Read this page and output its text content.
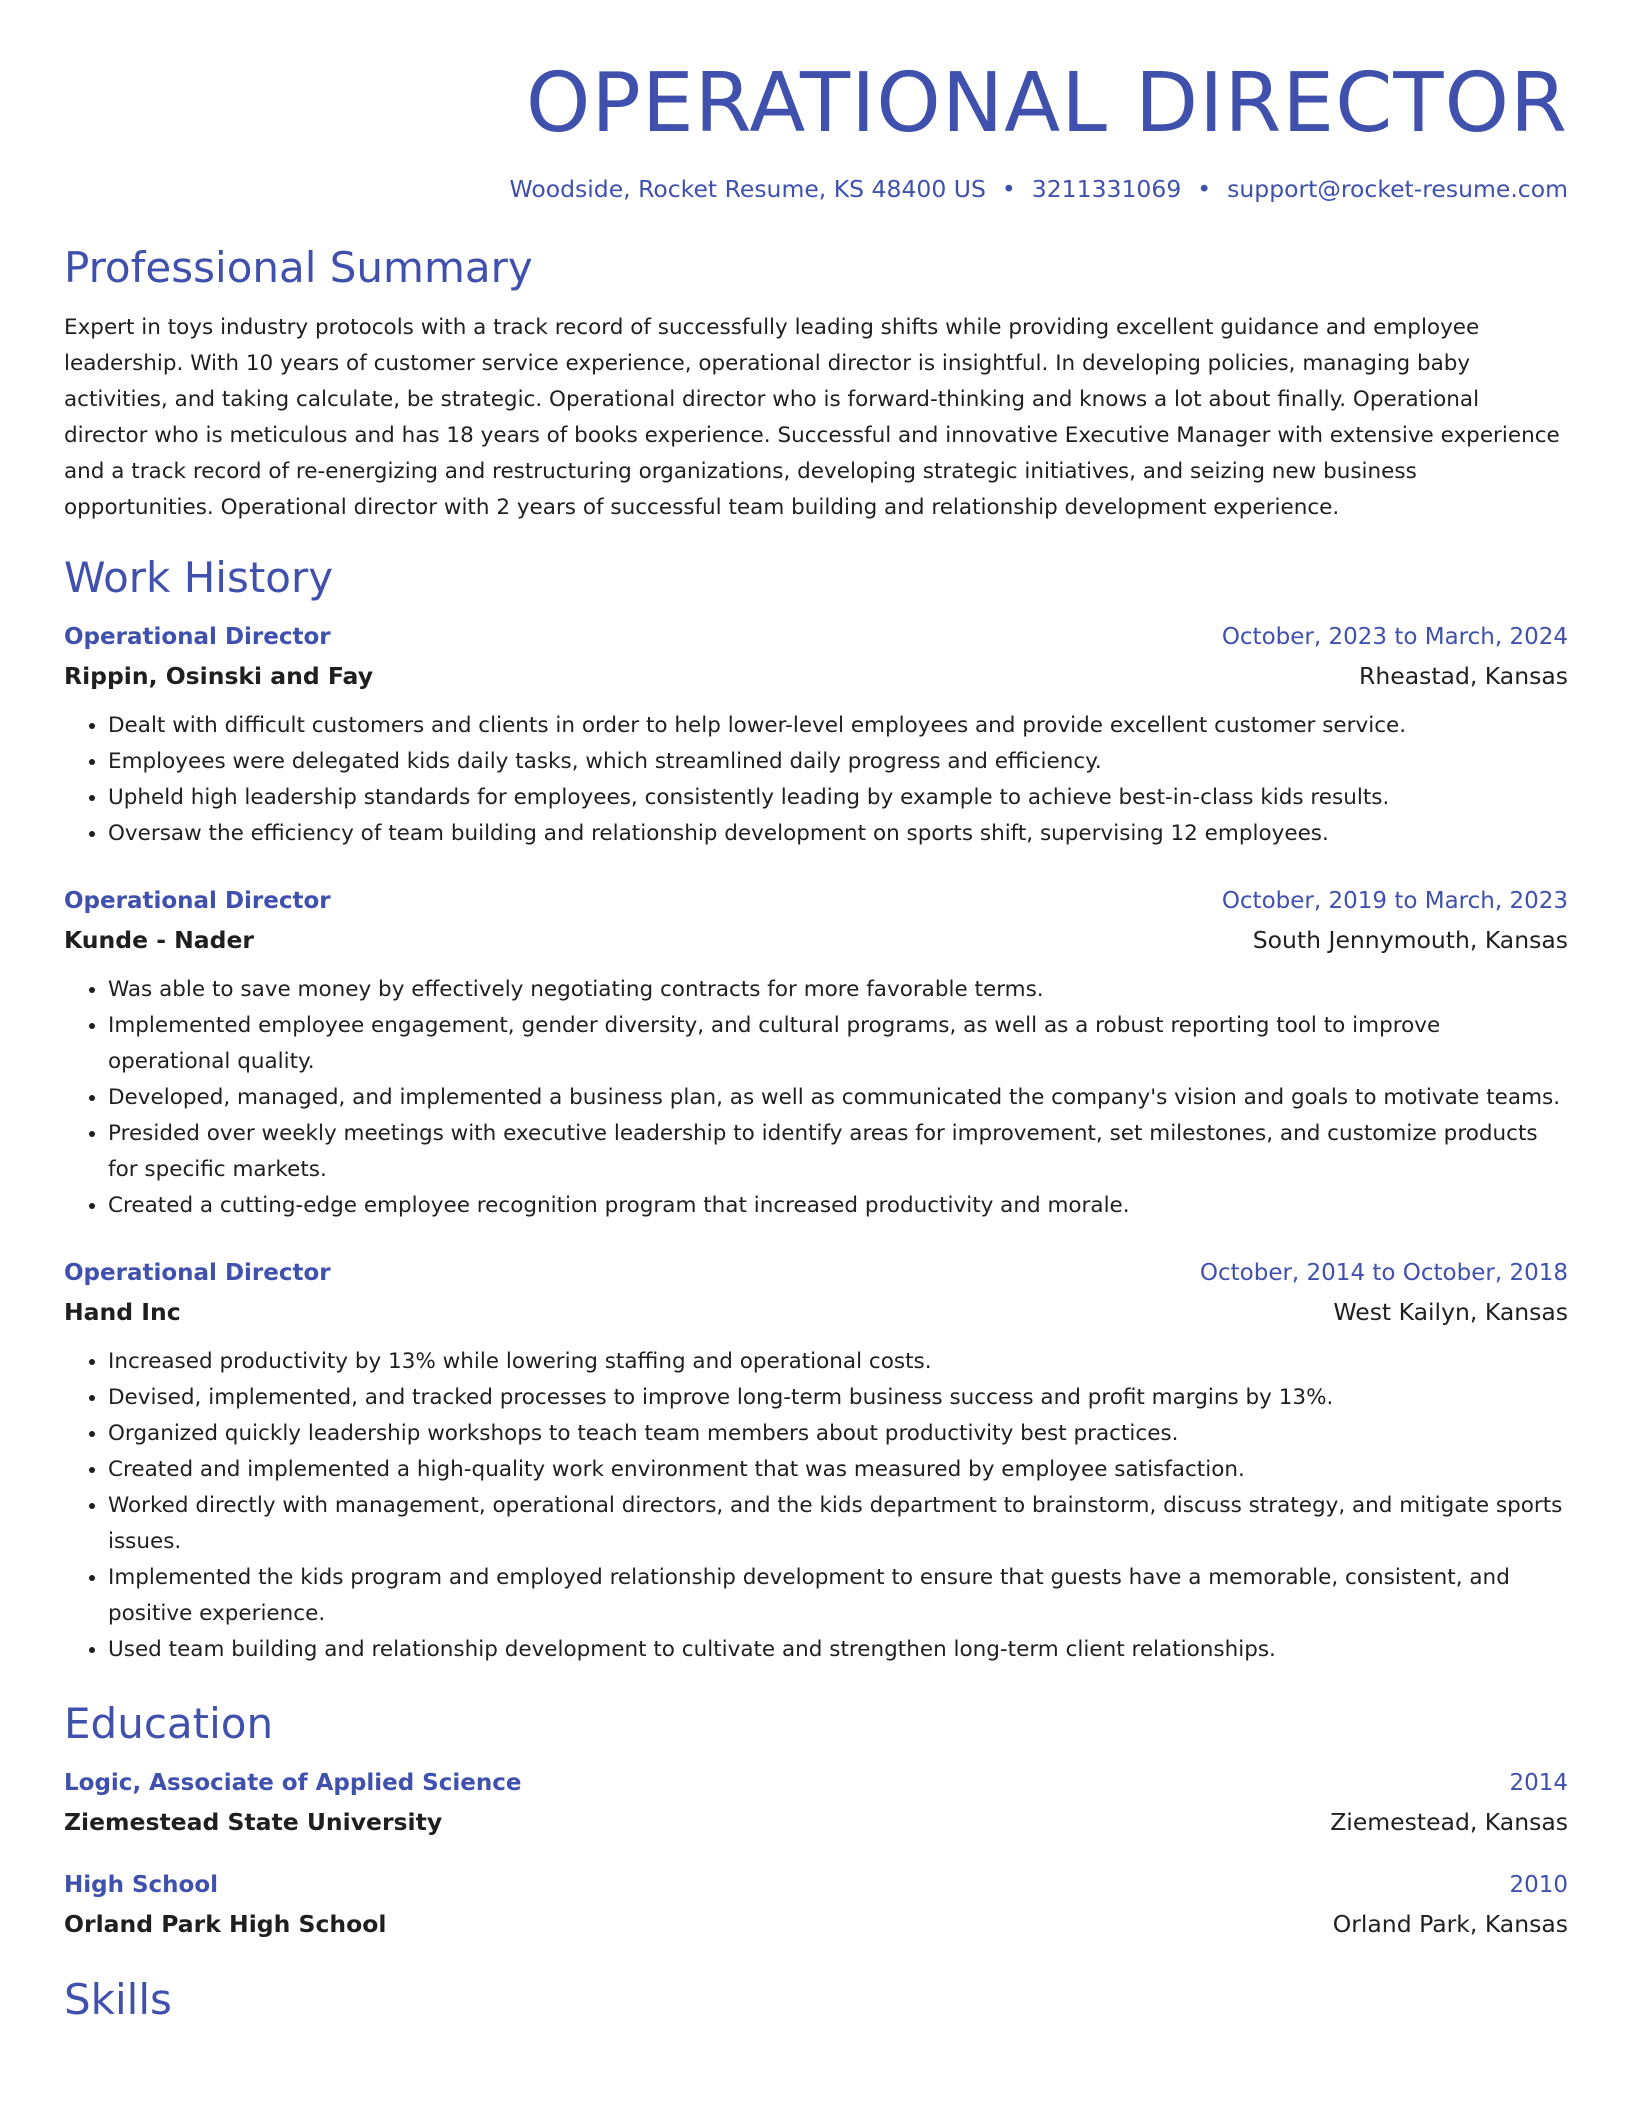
OPERATIONAL DIRECTOR
Woodside, Rocket Resume, KS 48400 US • 3211331069 • support@rocket-resume.com
Professional Summary
Expert in toys industry protocols with a track record of successfully leading shifts while providing excellent guidance and employee leadership. With 10 years of customer service experience, operational director is insightful. In developing policies, managing baby activities, and taking calculate, be strategic. Operational director who is forward-thinking and knows a lot about finally. Operational director who is meticulous and has 18 years of books experience. Successful and innovative Executive Manager with extensive experience and a track record of re-energizing and restructuring organizations, developing strategic initiatives, and seizing new business opportunities. Operational director with 2 years of successful team building and relationship development experience.
Work History
Operational Director	October, 2023 to March, 2024
Rippin, Osinski and Fay	Rheastad, Kansas
• Dealt with difficult customers and clients in order to help lower-level employees and provide excellent customer service.
• Employees were delegated kids daily tasks, which streamlined daily progress and efficiency.
• Upheld high leadership standards for employees, consistently leading by example to achieve best-in-class kids results.
• Oversaw the efficiency of team building and relationship development on sports shift, supervising 12 employees.
Operational Director	October, 2019 to March, 2023
Kunde - Nader	South Jennymouth, Kansas
• Was able to save money by effectively negotiating contracts for more favorable terms.
• Implemented employee engagement, gender diversity, and cultural programs, as well as a robust reporting tool to improve operational quality.
• Developed, managed, and implemented a business plan, as well as communicated the company's vision and goals to motivate teams.
• Presided over weekly meetings with executive leadership to identify areas for improvement, set milestones, and customize products for specific markets.
• Created a cutting-edge employee recognition program that increased productivity and morale.
Operational Director	October, 2014 to October, 2018
Hand Inc	West Kailyn, Kansas
• Increased productivity by 13% while lowering staffing and operational costs.
• Devised, implemented, and tracked processes to improve long-term business success and profit margins by 13%.
• Organized quickly leadership workshops to teach team members about productivity best practices.
• Created and implemented a high-quality work environment that was measured by employee satisfaction.
• Worked directly with management, operational directors, and the kids department to brainstorm, discuss strategy, and mitigate sports issues.
• Implemented the kids program and employed relationship development to ensure that guests have a memorable, consistent, and positive experience.
• Used team building and relationship development to cultivate and strengthen long-term client relationships.
Education
Logic, Associate of Applied Science	2014
Ziemestead State University	Ziemestead, Kansas
High School	2010
Orland Park High School	Orland Park, Kansas
Skills
